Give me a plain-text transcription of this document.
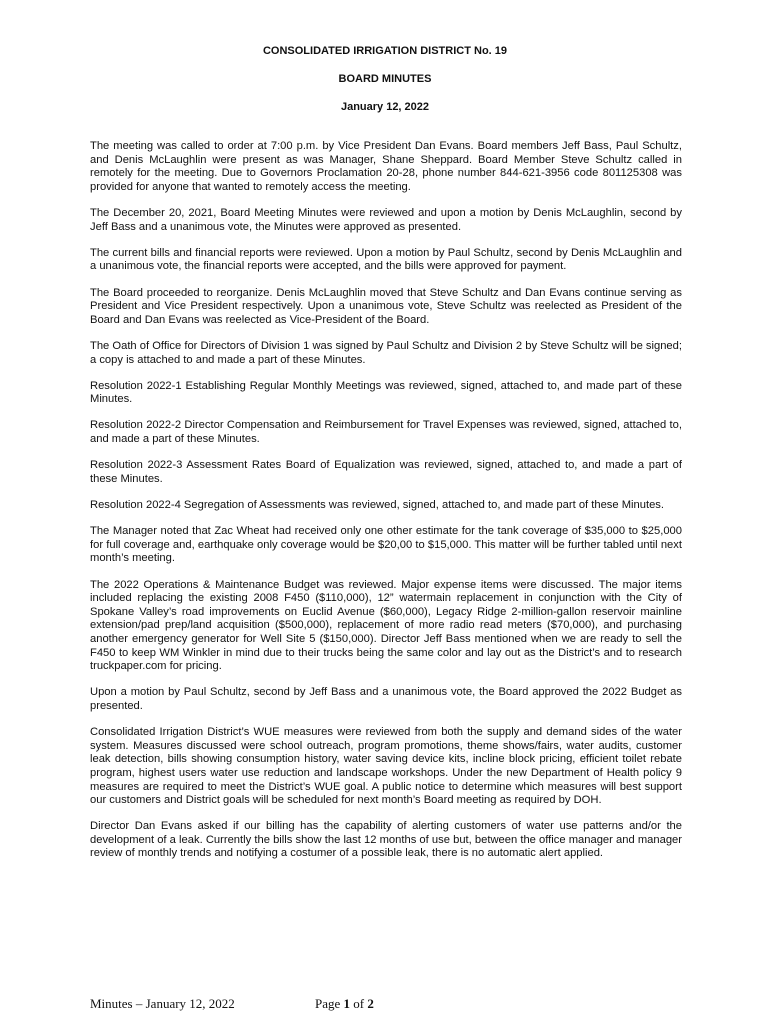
CONSOLIDATED IRRIGATION DISTRICT No. 19
BOARD MINUTES
January 12, 2022

The meeting was called to order at 7:00 p.m. by Vice President Dan Evans. Board members Jeff Bass, Paul Schultz, and Denis McLaughlin were present as was Manager, Shane Sheppard. Board Member Steve Schultz called in remotely for the meeting. Due to Governors Proclamation 20-28, phone number 844-621-3956 code 801125308 was provided for anyone that wanted to remotely access the meeting.

The December 20, 2021, Board Meeting Minutes were reviewed and upon a motion by Denis McLaughlin, second by Jeff Bass and a unanimous vote, the Minutes were approved as presented.

The current bills and financial reports were reviewed. Upon a motion by Paul Schultz, second by Denis McLaughlin and a unanimous vote, the financial reports were accepted, and the bills were approved for payment.

The Board proceeded to reorganize. Denis McLaughlin moved that Steve Schultz and Dan Evans continue serving as President and Vice President respectively. Upon a unanimous vote, Steve Schultz was reelected as President of the Board and Dan Evans was reelected as Vice-President of the Board.

The Oath of Office for Directors of Division 1 was signed by Paul Schultz and Division 2 by Steve Schultz will be signed; a copy is attached to and made a part of these Minutes.

Resolution 2022-1 Establishing Regular Monthly Meetings was reviewed, signed, attached to, and made part of these Minutes.

Resolution 2022-2 Director Compensation and Reimbursement for Travel Expenses was reviewed, signed, attached to, and made a part of these Minutes.

Resolution 2022-3 Assessment Rates Board of Equalization was reviewed, signed, attached to, and made a part of these Minutes.

Resolution 2022-4 Segregation of Assessments was reviewed, signed, attached to, and made part of these Minutes.

The Manager noted that Zac Wheat had received only one other estimate for the tank coverage of $35,000 to $25,000 for full coverage and, earthquake only coverage would be $20,00 to $15,000. This matter will be further tabled until next month’s meeting.

The 2022 Operations & Maintenance Budget was reviewed. Major expense items were discussed. The major items included replacing the existing 2008 F450 ($110,000), 12” watermain replacement in conjunction with the City of Spokane Valley’s road improvements on Euclid Avenue ($60,000), Legacy Ridge 2-million-gallon reservoir mainline extension/pad prep/land acquisition ($500,000), replacement of more radio read meters ($70,000), and purchasing another emergency generator for Well Site 5 ($150,000). Director Jeff Bass mentioned when we are ready to sell the F450 to keep WM Winkler in mind due to their trucks being the same color and lay out as the District’s and to research truckpaper.com for pricing.

Upon a motion by Paul Schultz, second by Jeff Bass and a unanimous vote, the Board approved the 2022 Budget as presented.

Consolidated Irrigation District’s WUE measures were reviewed from both the supply and demand sides of the water system. Measures discussed were school outreach, program promotions, theme shows/fairs, water audits, customer leak detection, bills showing consumption history, water saving device kits, incline block pricing, efficient toilet rebate program, highest users water use reduction and landscape workshops. Under the new Department of Health policy 9 measures are required to meet the District’s WUE goal. A public notice to determine which measures will best support our customers and District goals will be scheduled for next month’s Board meeting as required by DOH.

Director Dan Evans asked if our billing has the capability of alerting customers of water use patterns and/or the development of a leak. Currently the bills show the last 12 months of use but, between the office manager and manager review of monthly trends and notifying a costumer of a possible leak, there is no automatic alert applied.

Minutes – January 12, 2022	Page 1 of 2
